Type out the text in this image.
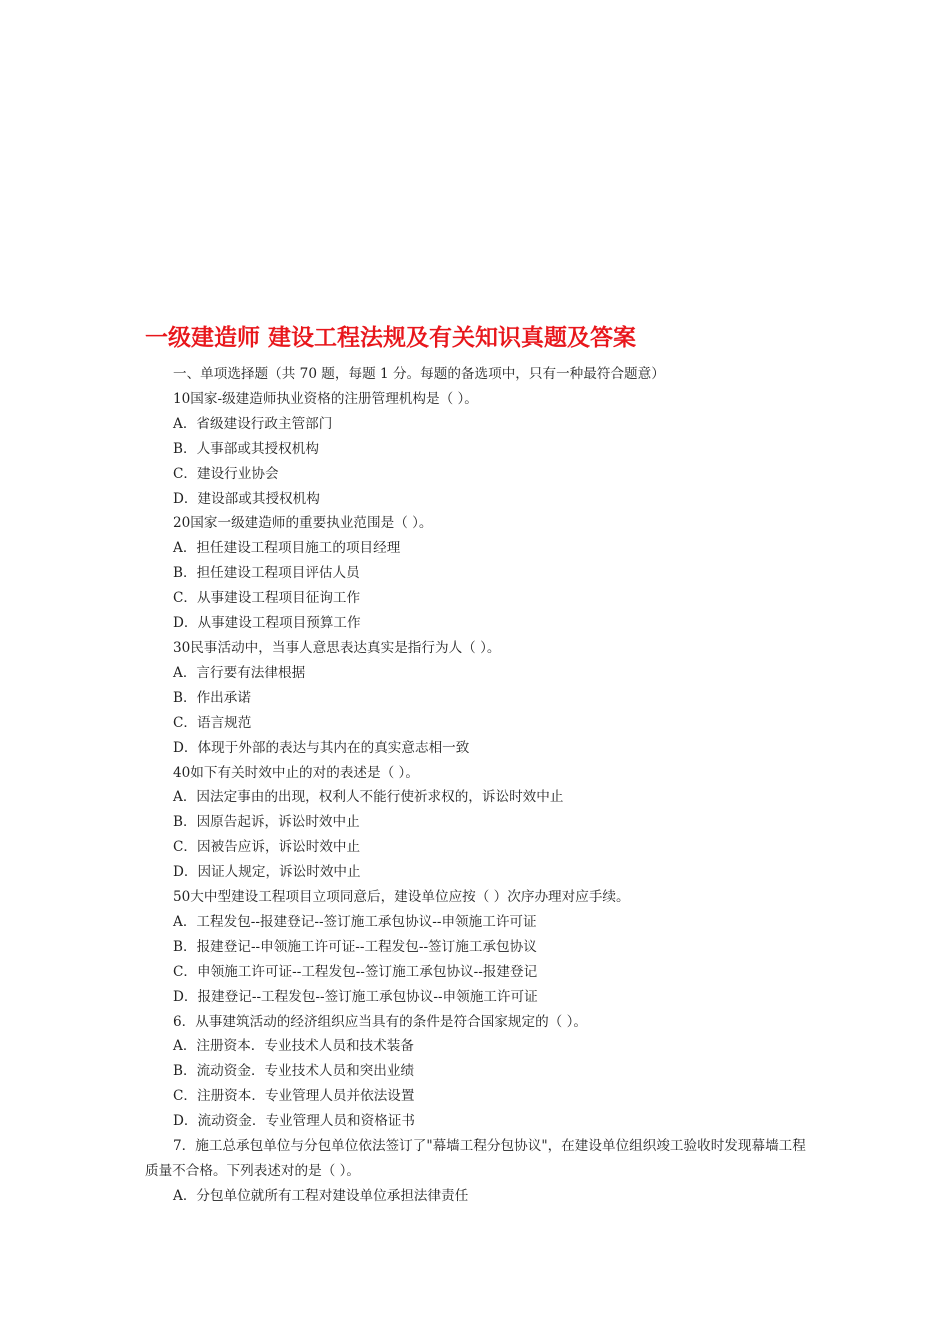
一级建造师 建设工程法规及有关知识真题及答案
一、单项选择题（共 70 题，每题 1 分。每题的备选项中，只有一种最符合题意）
10国家-级建造师执业资格的注册管理机构是（ ）。
A．省级建设行政主管部门
B．人事部或其授权机构
C．建设行业协会
D．建设部或其授权机构
20国家一级建造师的重要执业范围是（ ）。
A．担任建设工程项目施工的项目经理
B．担任建设工程项目评估人员
C．从事建设工程项目征询工作
D．从事建设工程项目预算工作
30民事活动中，当事人意思表达真实是指行为人（ ）。
A．言行要有法律根据
B．作出承诺
C．语言规范
D．体现于外部的表达与其内在的真实意志相一致
40如下有关时效中止的对的表述是（ ）。
A．因法定事由的出现，权利人不能行使祈求权的，诉讼时效中止
B．因原告起诉，诉讼时效中止
C．因被告应诉，诉讼时效中止
D．因证人规定，诉讼时效中止
50大中型建设工程项目立项同意后，建设单位应按（ ）次序办理对应手续。
A．工程发包--报建登记--签订施工承包协议--申领施工许可证
B．报建登记--申领施工许可证--工程发包--签订施工承包协议
C．申领施工许可证--工程发包--签订施工承包协议--报建登记
D．报建登记--工程发包--签订施工承包协议--申领施工许可证
6．从事建筑活动的经济组织应当具有的条件是符合国家规定的（ ）。
A．注册资本．专业技术人员和技术装备
B．流动资金．专业技术人员和突出业绩
C．注册资本．专业管理人员并依法设置
D．流动资金．专业管理人员和资格证书
7．施工总承包单位与分包单位依法签订了"幕墙工程分包协议"，在建设单位组织竣工验收时发现幕墙工程质量不合格。下列表述对的是（ ）。
A．分包单位就所有工程对建设单位承担法律责任
